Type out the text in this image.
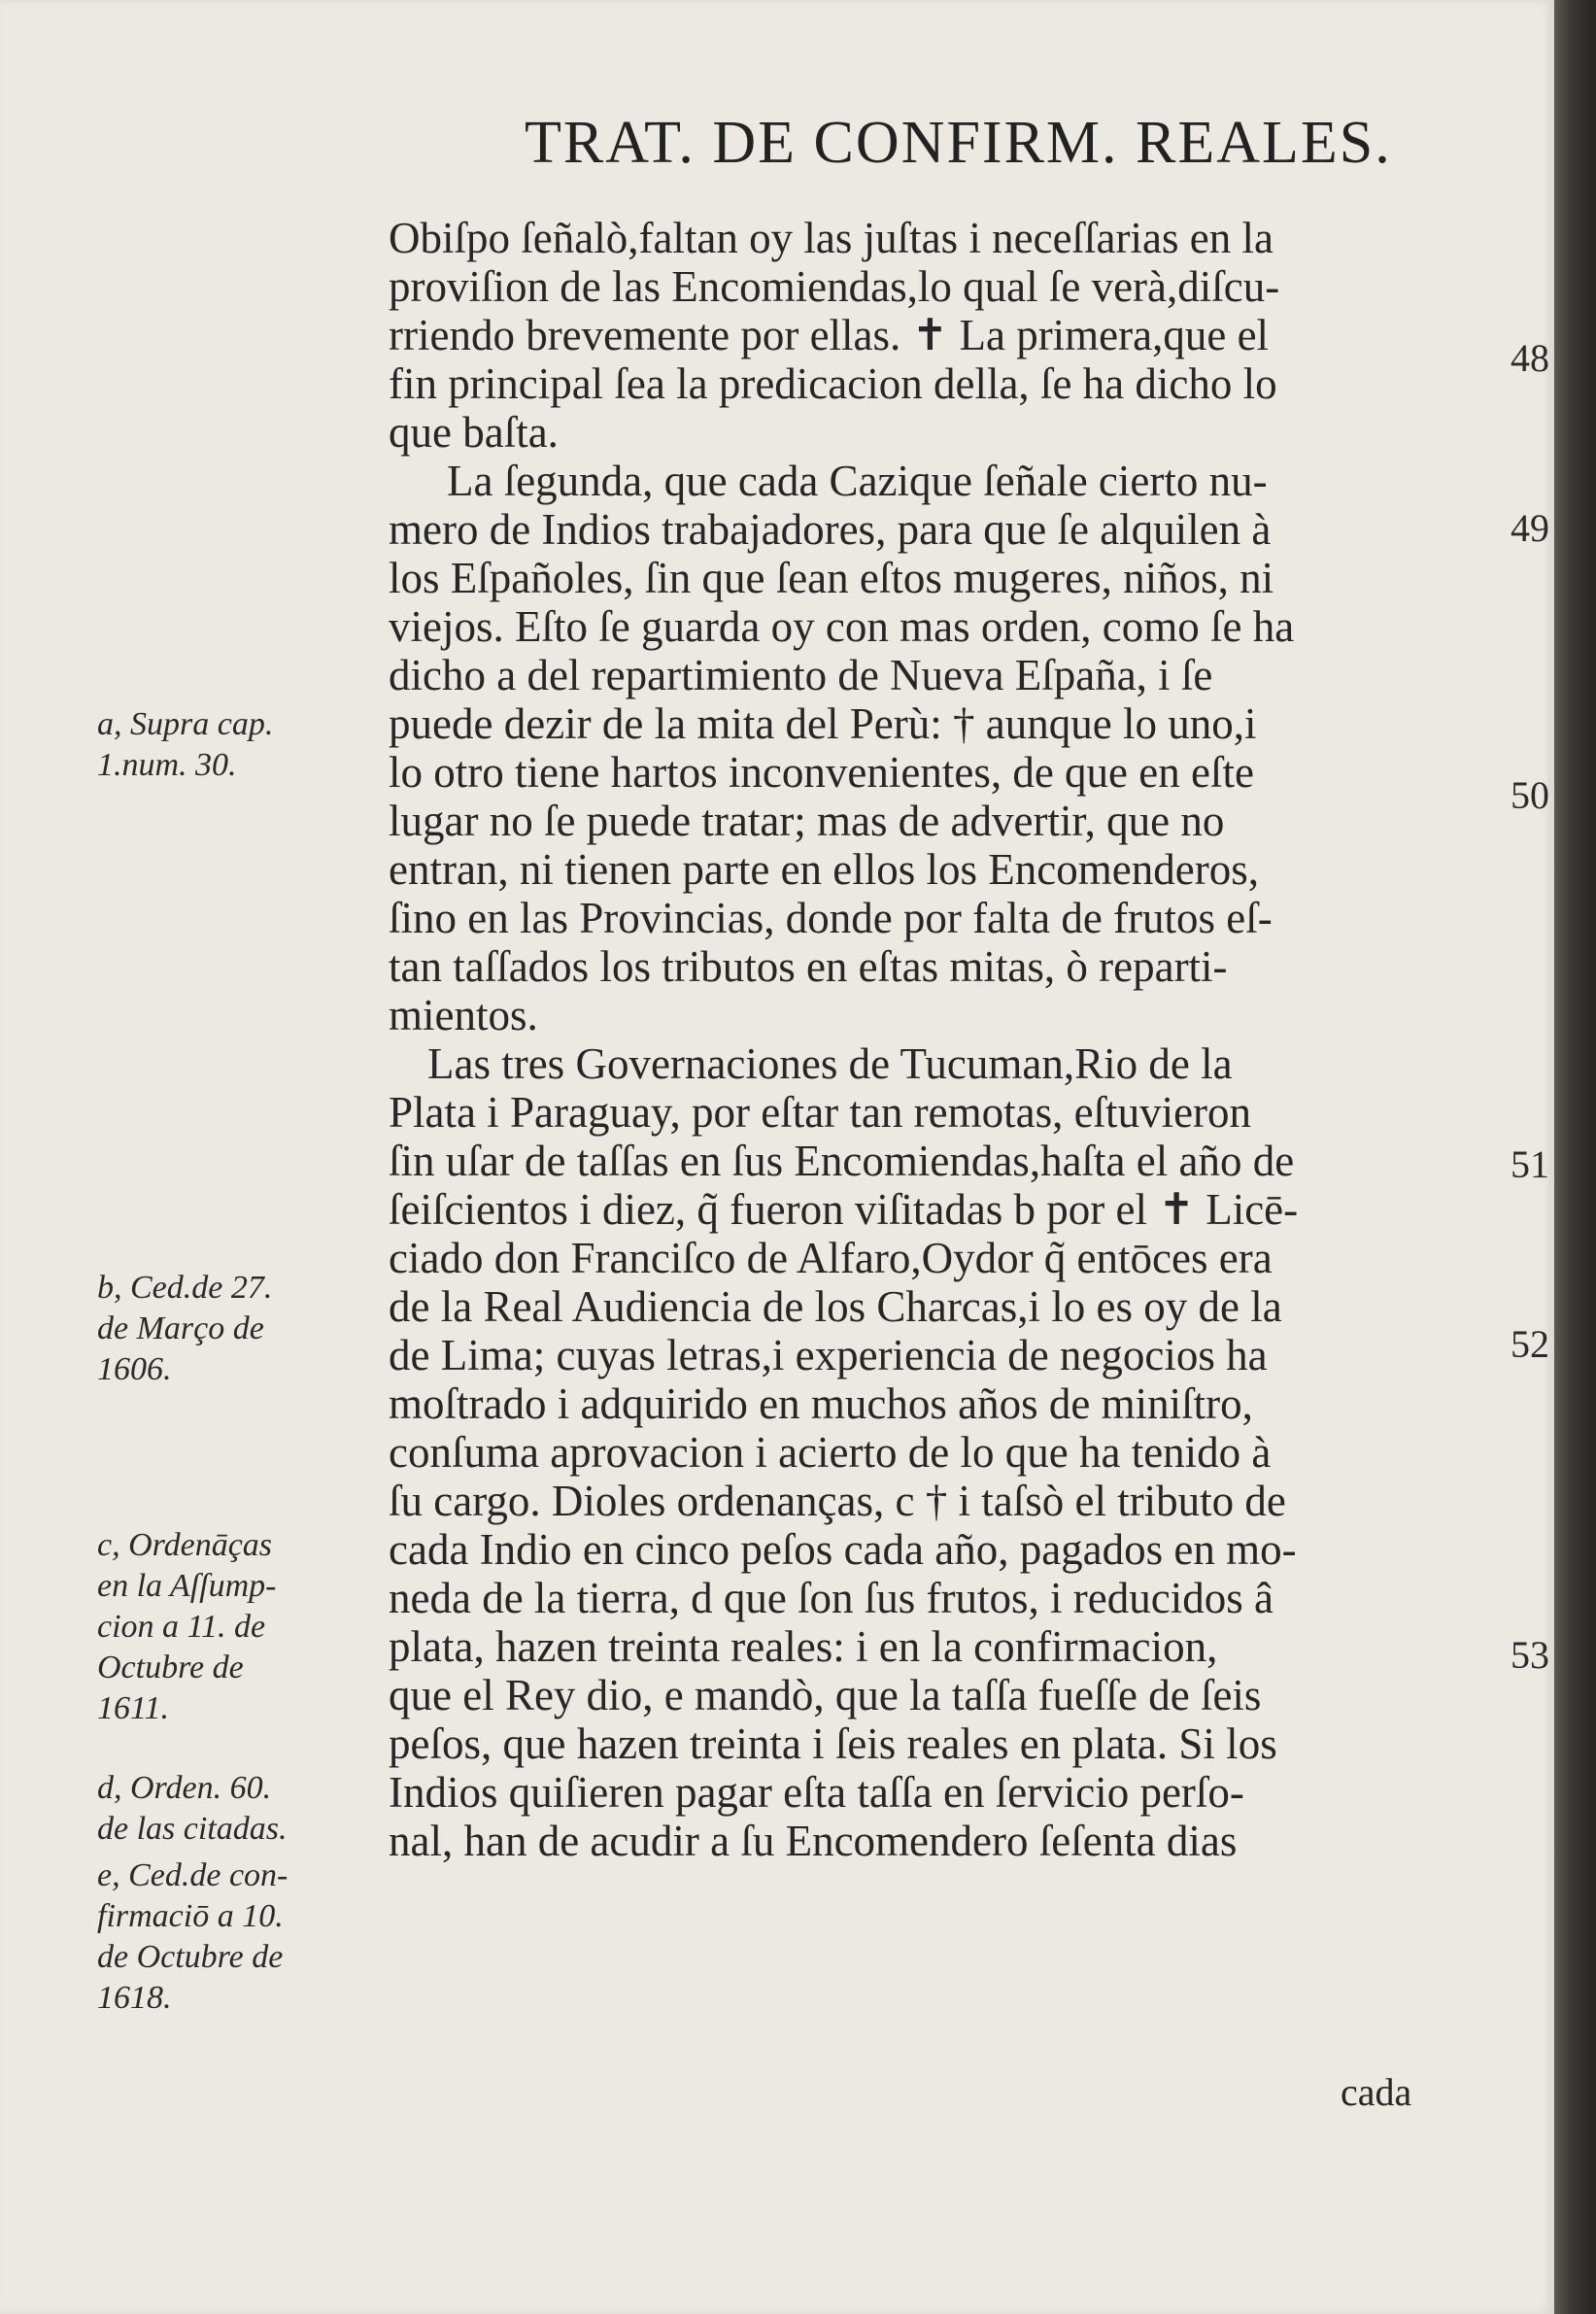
TRAT. DE CONFIRM. REALES.
Obiſpo ſeñalò,faltan oy las juſtas i neceſſarias en la
proviſion de las Encomiendas,lo qual ſe verà,diſcu-
rriendo brevemente por ellas. ✝ La primera,que el
fin principal ſea la predicacion della, ſe ha dicho lo
que baſta.
La ſegunda, que cada Cazique ſeñale cierto nu-
mero de Indios trabajadores, para que ſe alquilen à
los Eſpañoles, ſin que ſean eſtos mugeres, niños, ni
viejos. Eſto ſe guarda oy con mas orden, como ſe ha
dicho a del repartimiento de Nueva Eſpaña, i ſe
puede dezir de la mita del Perù: † aunque lo uno,i
lo otro tiene hartos inconvenientes, de que en eſte
lugar no ſe puede tratar; mas de advertir, que no
entran, ni tienen parte en ellos los Encomenderos,
ſino en las Provincias, donde por falta de frutos eſ-
tan taſſados los tributos en eſtas mitas, ò reparti-
mientos.
Las tres Governaciones de Tucuman,Rio de la
Plata i Paraguay, por eſtar tan remotas, eſtuvieron
ſin uſar de taſſas en ſus Encomiendas,haſta el año de
ſeiſcientos i diez, q̃ fueron viſitadas b por el ✝ Licē-
ciado don Franciſco de Alfaro,Oydor q̃ entōces era
de la Real Audiencia de los Charcas,i lo es oy de la
de Lima; cuyas letras,i experiencia de negocios ha
moſtrado i adquirido en muchos años de miniſtro,
conſuma aprovacion i acierto de lo que ha tenido à
ſu cargo. Dioles ordenanças, c † i taſsò el tributo de
cada Indio en cinco peſos cada año, pagados en mo-
neda de la tierra, d que ſon ſus frutos, i reducidos â
plata, hazen treinta reales: i en la confirmacion,
que el Rey dio, e mandò, que la taſſa fueſſe de ſeis
peſos, que hazen treinta i ſeis reales en plata. Si los
Indios quiſieren pagar eſta taſſa en ſervicio perſo-
nal, han de acudir a ſu Encomendero ſeſenta dias
a, Supra cap.
1.num. 30.
b, Ced.de 27.
de Março de
1606.
c, Ordenāças
en la Aſſump-
cion a 11. de
Octubre de
1611.
d, Orden. 60.
de las citadas.
e, Ced.de con-
firmaciō a 10.
de Octubre de
1618.
48
49
50
51
52
53
cada
